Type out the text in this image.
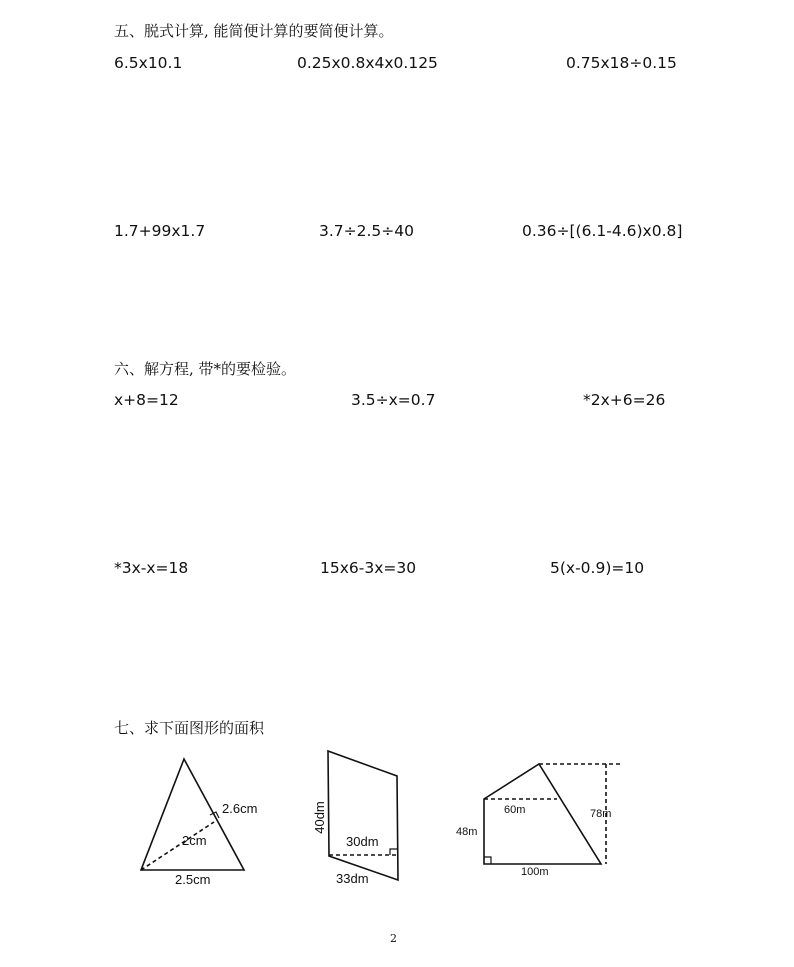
五、脱式计算, 能简便计算的要简便计算。
6.5x10.1	0.25x0.8x4x0.125	0.75x18÷0.15
1.7+99x1.7	3.7÷2.5÷40	0.36÷[(6.1-4.6)x0.8]
六、解方程, 带*的要检验。
x+8=12	3.5÷x=0.7	*2x+6=26
*3x-x=18	15x6-3x=30	5(x-0.9)=10
七、求下面图形的面积
2.6cm
2cm
2.5cm
40dm
30dm
33dm
60m
48m
78m
100m
2
